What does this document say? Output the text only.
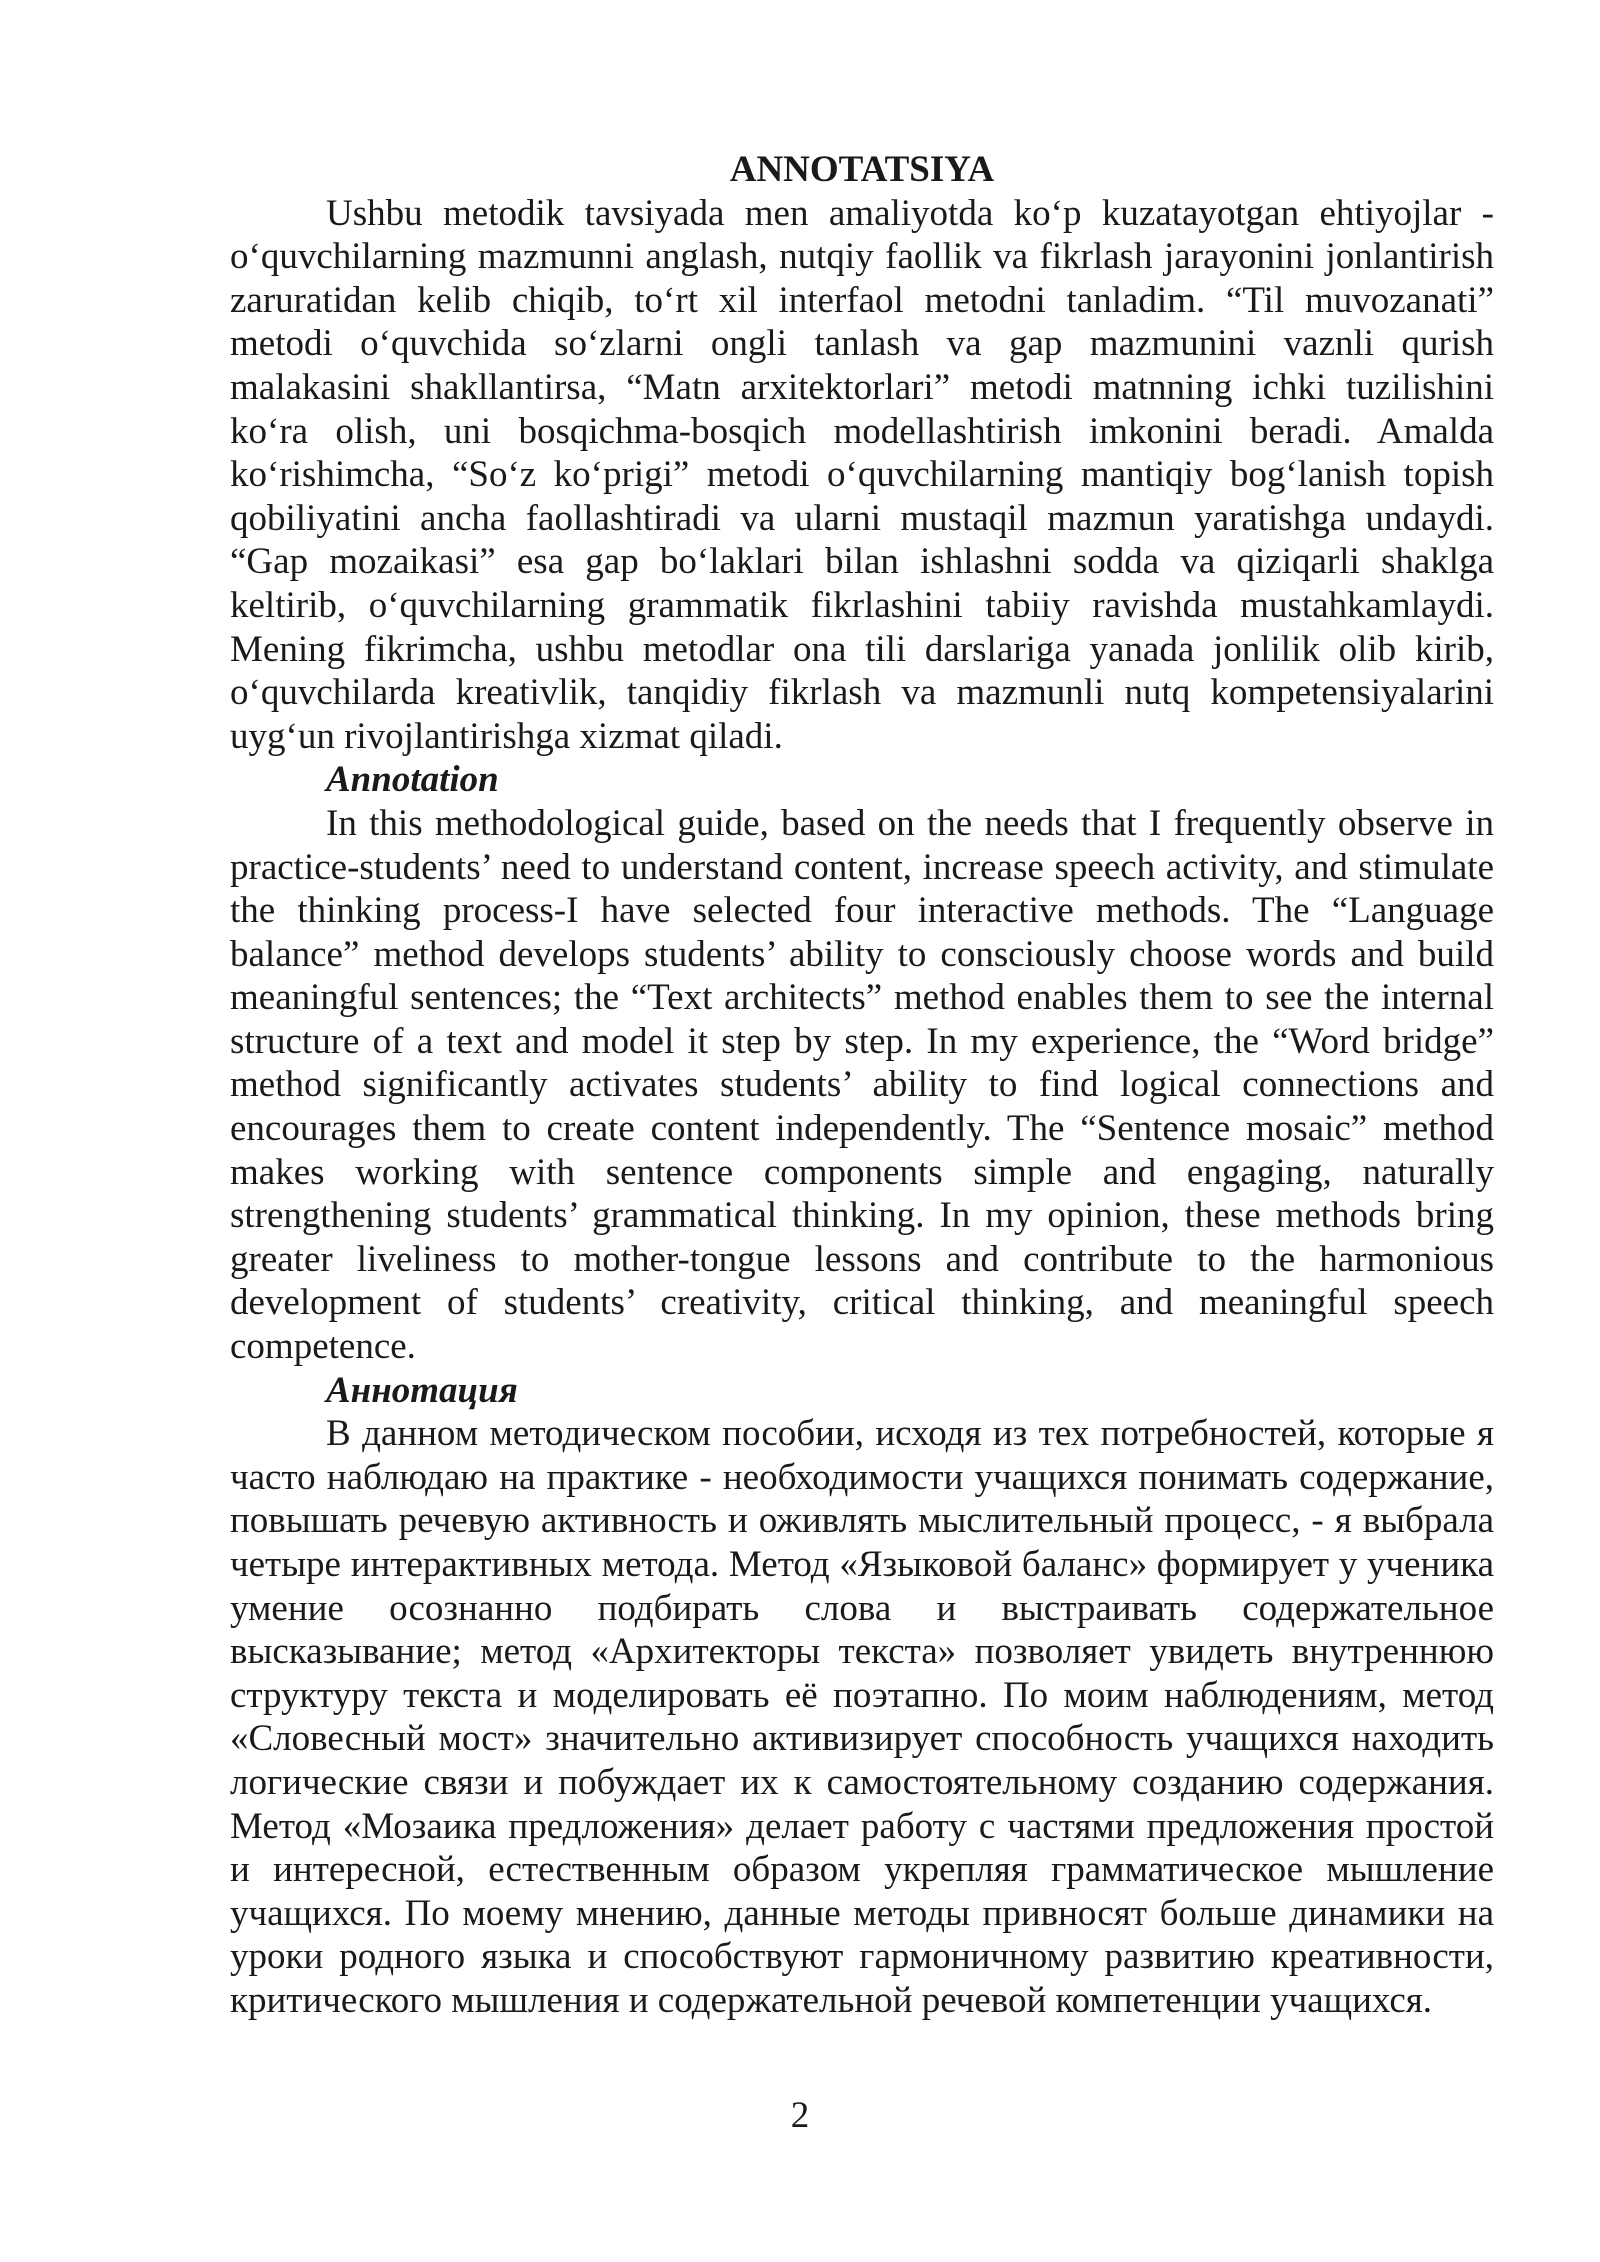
ANNOTATSIYA

Ushbu metodik tavsiyada men amaliyotda ko‘p kuzatayotgan ehtiyojlar - o‘quvchilarning mazmunni anglash, nutqiy faollik va fikrlash jarayonini jonlantirish zaruratidan kelib chiqib, to‘rt xil interfaol metodni tanladim. “Til muvozanati” metodi o‘quvchida so‘zlarni ongli tanlash va gap mazmunini vaznli qurish malakasini shakllantirsa, “Matn arxitektorlari” metodi matnning ichki tuzilishini ko‘ra olish, uni bosqichma-bosqich modellashtirish imkonini beradi. Amalda ko‘rishimcha, “So‘z ko‘prigi” metodi o‘quvchilarning mantiqiy bog‘lanish topish qobiliyatini ancha faollashtiradi va ularni mustaqil mazmun yaratishga undaydi. “Gap mozaikasi” esa gap bo‘laklari bilan ishlashni sodda va qiziqarli shaklga keltirib, o‘quvchilarning grammatik fikrlashini tabiiy ravishda mustahkamlaydi. Mening fikrimcha, ushbu metodlar ona tili darslariga yanada jonlilik olib kirib, o‘quvchilarda kreativlik, tanqidiy fikrlash va mazmunli nutq kompetensiyalarini uyg‘un rivojlantirishga xizmat qiladi.

Annotation

In this methodological guide, based on the needs that I frequently observe in practice-students’ need to understand content, increase speech activity, and stimulate the thinking process-I have selected four interactive methods. The “Language balance” method develops students’ ability to consciously choose words and build meaningful sentences; the “Text architects” method enables them to see the internal structure of a text and model it step by step. In my experience, the “Word bridge” method significantly activates students’ ability to find logical connections and encourages them to create content independently. The “Sentence mosaic” method makes working with sentence components simple and engaging, naturally strengthening students’ grammatical thinking. In my opinion, these methods bring greater liveliness to mother-tongue lessons and contribute to the harmonious development of students’ creativity, critical thinking, and meaningful speech competence.

Аннотация

В данном методическом пособии, исходя из тех потребностей, которые я часто наблюдаю на практике - необходимости учащихся понимать содержание, повышать речевую активность и оживлять мыслительный процесс, - я выбрала четыре интерактивных метода. Метод «Языковой баланс» формирует у ученика умение осознанно подбирать слова и выстраивать содержательное высказывание; метод «Архитекторы текста» позволяет увидеть внутреннюю структуру текста и моделировать её поэтапно. По моим наблюдениям, метод «Словесный мост» значительно активизирует способность учащихся находить логические связи и побуждает их к самостоятельному созданию содержания. Метод «Мозаика предложения» делает работу с частями предложения простой и интересной, естественным образом укрепляя грамматическое мышление учащихся. По моему мнению, данные методы привносят больше динамики на уроки родного языка и способствуют гармоничному развитию креативности, критического мышления и содержательной речевой компетенции учащихся.

2
